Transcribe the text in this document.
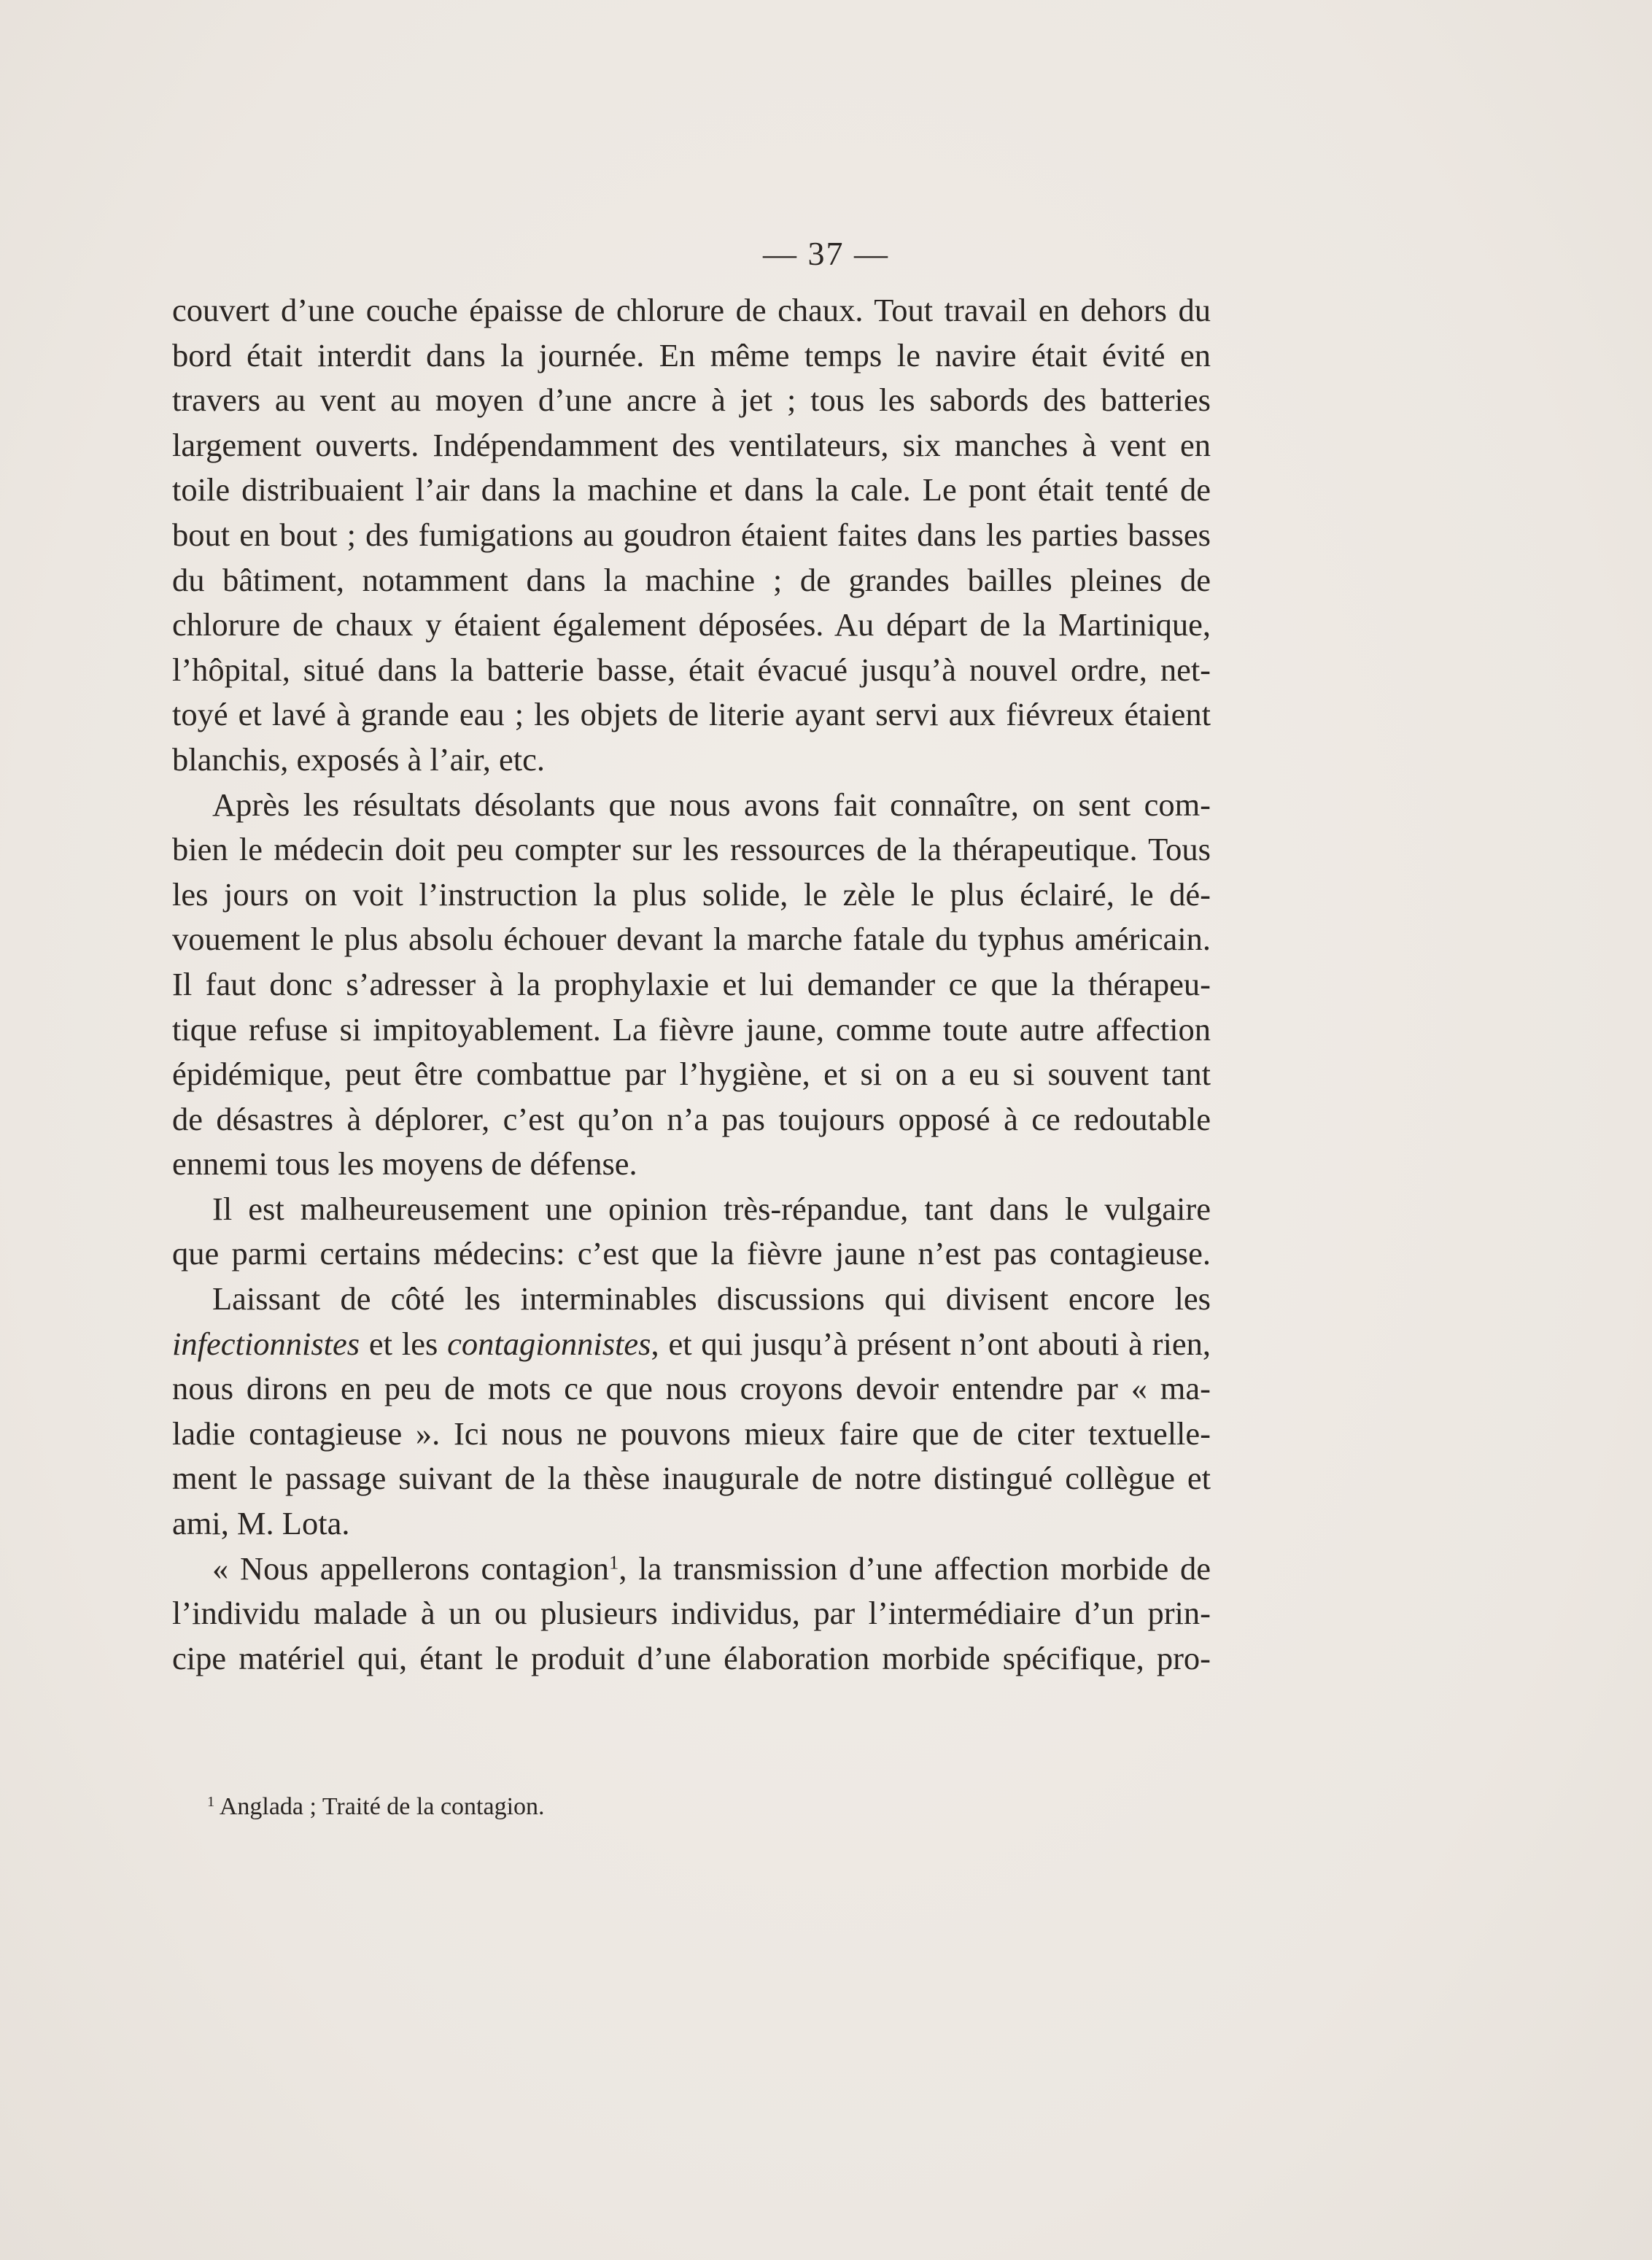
— 37 —

couvert d’une couche épaisse de chlorure de chaux. Tout travail en dehors du
bord était interdit dans la journée. En même temps le navire était évité en
travers au vent au moyen d’une ancre à jet ; tous les sabords des batteries
largement ouverts. Indépendamment des ventilateurs, six manches à vent en
toile distribuaient l’air dans la machine et dans la cale. Le pont était tenté de
bout en bout ; des fumigations au goudron étaient faites dans les parties basses
du bâtiment, notamment dans la machine ; de grandes bailles pleines de
chlorure de chaux y étaient également déposées. Au départ de la Martinique,
l’hôpital, situé dans la batterie basse, était évacué jusqu’à nouvel ordre, net-
toyé et lavé à grande eau ; les objets de literie ayant servi aux fiévreux étaient
blanchis, exposés à l’air, etc.

Après les résultats désolants que nous avons fait connaître, on sent com-
bien le médecin doit peu compter sur les ressources de la thérapeutique. Tous
les jours on voit l’instruction la plus solide, le zèle le plus éclairé, le dé-
vouement le plus absolu échouer devant la marche fatale du typhus américain.
Il faut donc s’adresser à la prophylaxie et lui demander ce que la thérapeu-
tique refuse si impitoyablement. La fièvre jaune, comme toute autre affection
épidémique, peut être combattue par l’hygiène, et si on a eu si souvent tant
de désastres à déplorer, c’est qu’on n’a pas toujours opposé à ce redoutable
ennemi tous les moyens de défense.

Il est malheureusement une opinion très-répandue, tant dans le vulgaire
que parmi certains médecins: c’est que la fièvre jaune n’est pas contagieuse.

Laissant de côté les interminables discussions qui divisent encore les
infectionnistes et les contagionnistes, et qui jusqu’à présent n’ont abouti à rien,
nous dirons en peu de mots ce que nous croyons devoir entendre par « ma-
ladie contagieuse ». Ici nous ne pouvons mieux faire que de citer textuelle-
ment le passage suivant de la thèse inaugurale de notre distingué collègue et
ami, M. Lota.

« Nous appellerons contagion$^1$, la transmission d’une affection morbide de
l’individu malade à un ou plusieurs individus, par l’intermédiaire d’un prin-
cipe matériel qui, étant le produit d’une élaboration morbide spécifique, pro-

$^1$ Anglada ; Traité de la contagion.
